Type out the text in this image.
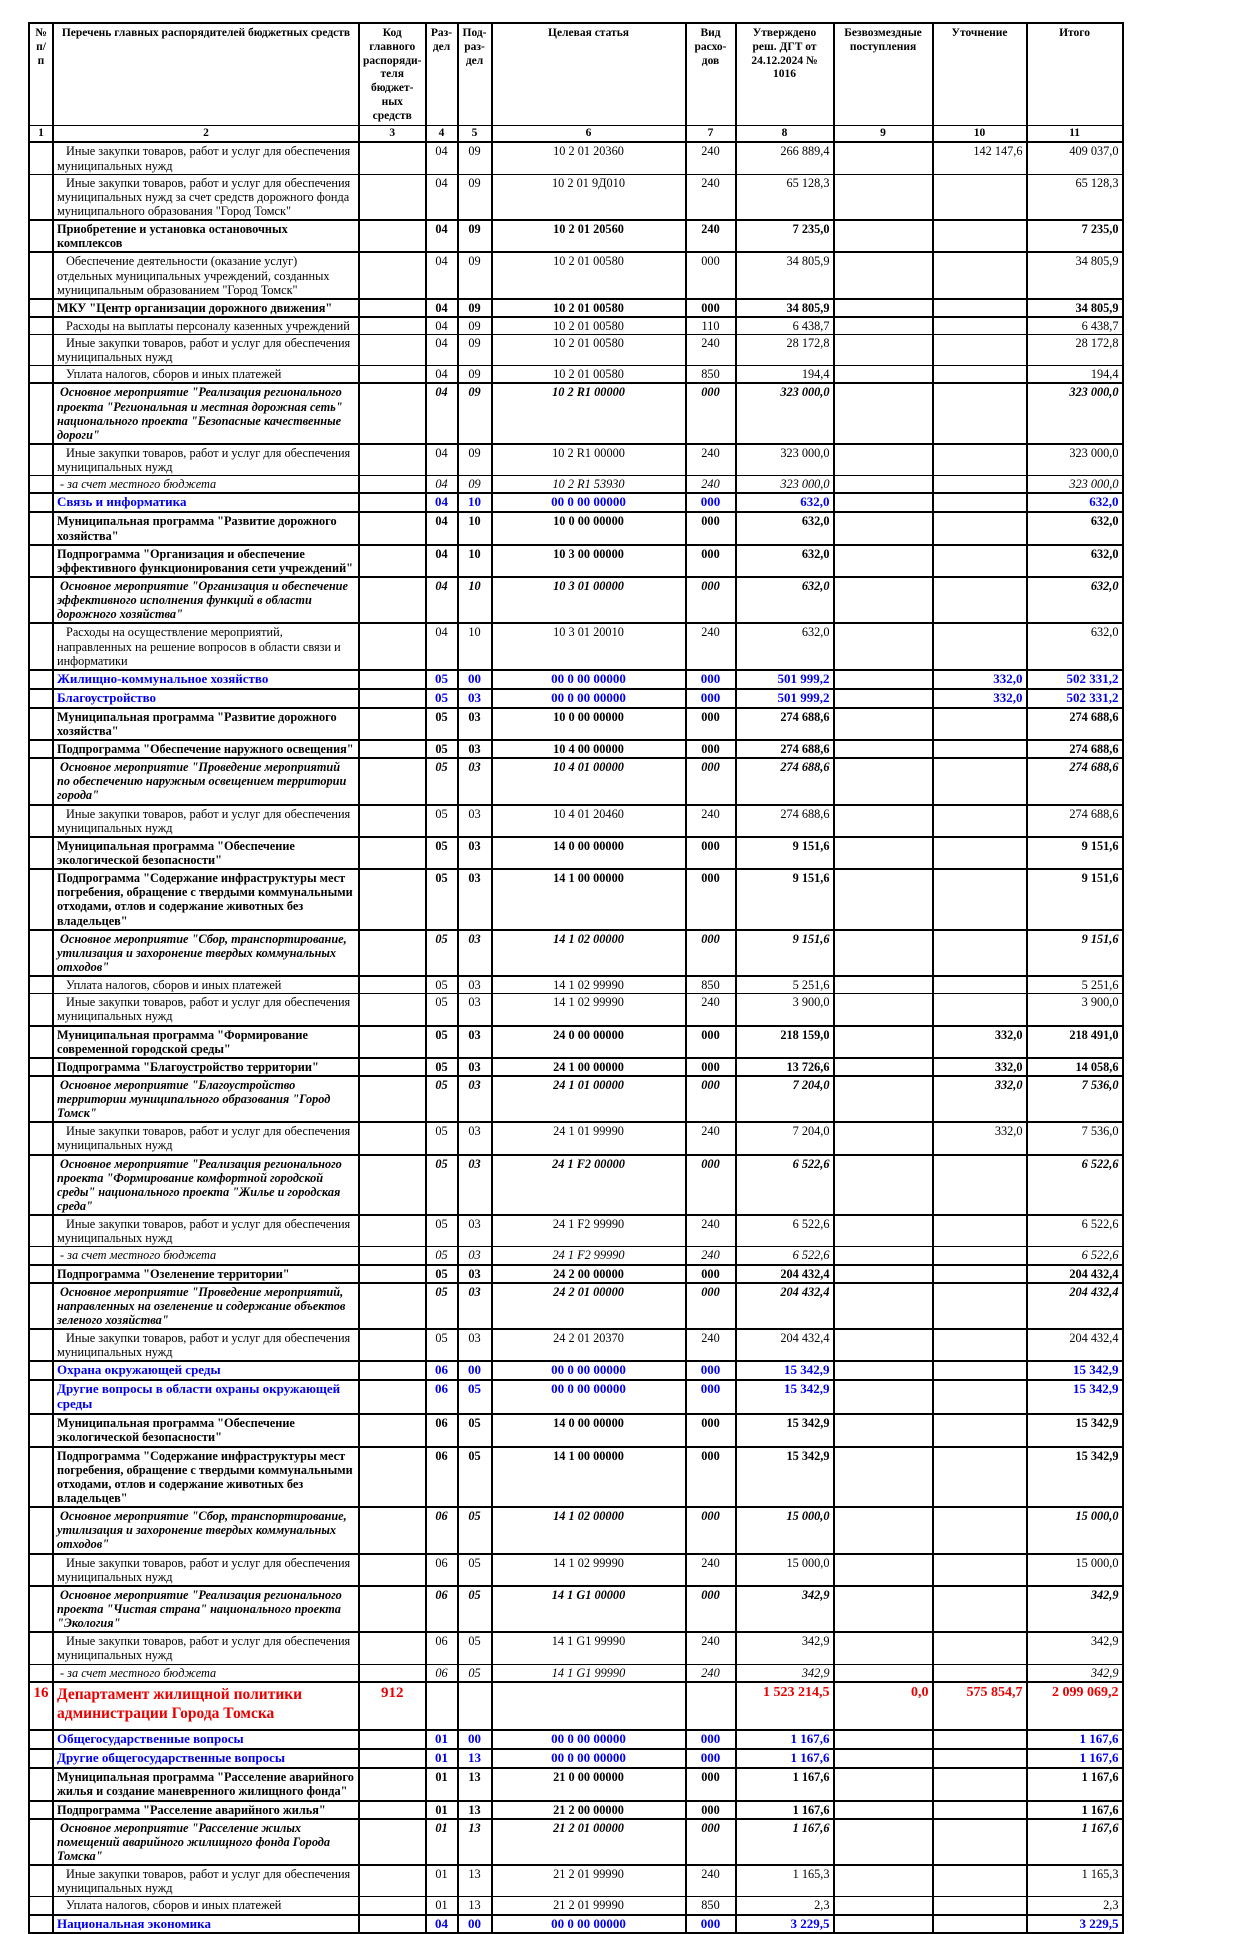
№ п/п	Перечень главных распорядителей бюджетных средств	Код главного распоряди-теля бюджет-ных средств	Раз-дел	Под-раз-дел	Целевая статья	Вид расхо-дов	Утверждено реш. ДГТ от 24.12.2024 № 1016	Безвозмездные поступления	Уточнение	Итого
1	2	3	4	5	6	7	8	9	10	11
	Иные закупки товаров, работ и услуг для обеспечения муниципальных нужд		04	09	10 2 01 20360	240	266 889,4		142 147,6	409 037,0
	Иные закупки товаров, работ и услуг для обеспечения муниципальных нужд за счет средств дорожного фонда муниципального образования "Город Томск"		04	09	10 2 01 9Д010	240	65 128,3			65 128,3
	Приобретение и установка остановочных комплексов		04	09	10 2 01 20560	240	7 235,0			7 235,0
	Обеспечение деятельности (оказание услуг) отдельных муниципальных учреждений, созданных муниципальным образованием "Город Томск"		04	09	10 2 01 00580	000	34 805,9			34 805,9
	МКУ "Центр организации дорожного движения"		04	09	10 2 01 00580	000	34 805,9			34 805,9
	Расходы на выплаты персоналу казенных учреждений		04	09	10 2 01 00580	110	6 438,7			6 438,7
	Иные закупки товаров, работ и услуг для обеспечения муниципальных нужд		04	09	10 2 01 00580	240	28 172,8			28 172,8
	Уплата налогов, сборов и иных платежей		04	09	10 2 01 00580	850	194,4			194,4
	Основное мероприятие "Реализация регионального проекта "Региональная и местная дорожная сеть" национального проекта "Безопасные качественные дороги"		04	09	10 2 R1 00000	000	323 000,0			323 000,0
	Иные закупки товаров, работ и услуг для обеспечения муниципальных нужд		04	09	10 2 R1 00000	240	323 000,0			323 000,0
	- за счет местного бюджета		04	09	10 2 R1 53930	240	323 000,0			323 000,0
	Связь и информатика		04	10	00 0 00 00000	000	632,0			632,0
	Муниципальная программа "Развитие дорожного хозяйства"		04	10	10 0 00 00000	000	632,0			632,0
	Подпрограмма "Организация и обеспечение эффективного функционирования сети учреждений"		04	10	10 3 00 00000	000	632,0			632,0
	Основное мероприятие "Организация и обеспечение эффективного исполнения функций в области дорожного хозяйства"		04	10	10 3 01 00000	000	632,0			632,0
	Расходы на осуществление мероприятий, направленных на решение вопросов в области связи и информатики		04	10	10 3 01 20010	240	632,0			632,0
	Жилищно-коммунальное хозяйство		05	00	00 0 00 00000	000	501 999,2		332,0	502 331,2
	Благоустройство		05	03	00 0 00 00000	000	501 999,2		332,0	502 331,2
	Муниципальная программа "Развитие дорожного хозяйства"		05	03	10 0 00 00000	000	274 688,6			274 688,6
	Подпрограмма "Обеспечение наружного освещения"		05	03	10 4 00 00000	000	274 688,6			274 688,6
	Основное мероприятие "Проведение мероприятий по обеспечению наружным освещением территории города"		05	03	10 4 01 00000	000	274 688,6			274 688,6
	Иные закупки товаров, работ и услуг для обеспечения муниципальных нужд		05	03	10 4 01 20460	240	274 688,6			274 688,6
	Муниципальная программа "Обеспечение экологической безопасности"		05	03	14 0 00 00000	000	9 151,6			9 151,6
	Подпрограмма "Содержание инфраструктуры мест погребения, обращение с твердыми коммунальными отходами, отлов и содержание животных без владельцев"		05	03	14 1 00 00000	000	9 151,6			9 151,6
	Основное мероприятие "Сбор, транспортирование, утилизация и захоронение твердых коммунальных отходов"		05	03	14 1 02 00000	000	9 151,6			9 151,6
	Уплата налогов, сборов и иных платежей		05	03	14 1 02 99990	850	5 251,6			5 251,6
	Иные закупки товаров, работ и услуг для обеспечения муниципальных нужд		05	03	14 1 02 99990	240	3 900,0			3 900,0
	Муниципальная программа "Формирование современной городской среды"		05	03	24 0 00 00000	000	218 159,0		332,0	218 491,0
	Подпрограмма "Благоустройство территории"		05	03	24 1 00 00000	000	13 726,6		332,0	14 058,6
	Основное мероприятие "Благоустройство территории муниципального образования "Город Томск"		05	03	24 1 01 00000	000	7 204,0		332,0	7 536,0
	Иные закупки товаров, работ и услуг для обеспечения муниципальных нужд		05	03	24 1 01 99990	240	7 204,0		332,0	7 536,0
	Основное мероприятие "Реализация регионального проекта "Формирование комфортной городской среды" национального проекта "Жилье и городская среда"		05	03	24 1 F2 00000	000	6 522,6			6 522,6
	Иные закупки товаров, работ и услуг для обеспечения муниципальных нужд		05	03	24 1 F2 99990	240	6 522,6			6 522,6
	- за счет местного бюджета		05	03	24 1 F2 99990	240	6 522,6			6 522,6
	Подпрограмма "Озеленение территории"		05	03	24 2 00 00000	000	204 432,4			204 432,4
	Основное мероприятие "Проведение мероприятий, направленных на озеленение и содержание объектов зеленого хозяйства"		05	03	24 2 01 00000	000	204 432,4			204 432,4
	Иные закупки товаров, работ и услуг для обеспечения муниципальных нужд		05	03	24 2 01 20370	240	204 432,4			204 432,4
	Охрана окружающей среды		06	00	00 0 00 00000	000	15 342,9			15 342,9
	Другие вопросы в области охраны окружающей среды		06	05	00 0 00 00000	000	15 342,9			15 342,9
	Муниципальная программа "Обеспечение экологической безопасности"		06	05	14 0 00 00000	000	15 342,9			15 342,9
	Подпрограмма "Содержание инфраструктуры мест погребения, обращение с твердыми коммунальными отходами, отлов и содержание животных без владельцев"		06	05	14 1 00 00000	000	15 342,9			15 342,9
	Основное мероприятие "Сбор, транспортирование, утилизация и захоронение твердых коммунальных отходов"		06	05	14 1 02 00000	000	15 000,0			15 000,0
	Иные закупки товаров, работ и услуг для обеспечения муниципальных нужд		06	05	14 1 02 99990	240	15 000,0			15 000,0
	Основное мероприятие "Реализация регионального проекта "Чистая страна" национального проекта "Экология"		06	05	14 1 G1 00000	000	342,9			342,9
	Иные закупки товаров, работ и услуг для обеспечения муниципальных нужд		06	05	14 1 G1 99990	240	342,9			342,9
	- за счет местного бюджета		06	05	14 1 G1 99990	240	342,9			342,9
16	Департамент жилищной политики администрации Города Томска	912					1 523 214,5	0,0	575 854,7	2 099 069,2
	Общегосударственные вопросы		01	00	00 0 00 00000	000	1 167,6			1 167,6
	Другие общегосударственные вопросы		01	13	00 0 00 00000	000	1 167,6			1 167,6
	Муниципальная программа "Расселение аварийного жилья и создание маневренного жилищного фонда"		01	13	21 0 00 00000	000	1 167,6			1 167,6
	Подпрограмма "Расселение аварийного жилья"		01	13	21 2 00 00000	000	1 167,6			1 167,6
	Основное мероприятие "Расселение жилых помещений аварийного жилищного фонда Города Томска"		01	13	21 2 01 00000	000	1 167,6			1 167,6
	Иные закупки товаров, работ и услуг для обеспечения муниципальных нужд		01	13	21 2 01 99990	240	1 165,3			1 165,3
	Уплата налогов, сборов и иных платежей		01	13	21 2 01 99990	850	2,3			2,3
	Национальная экономика		04	00	00 0 00 00000	000	3 229,5			3 229,5
